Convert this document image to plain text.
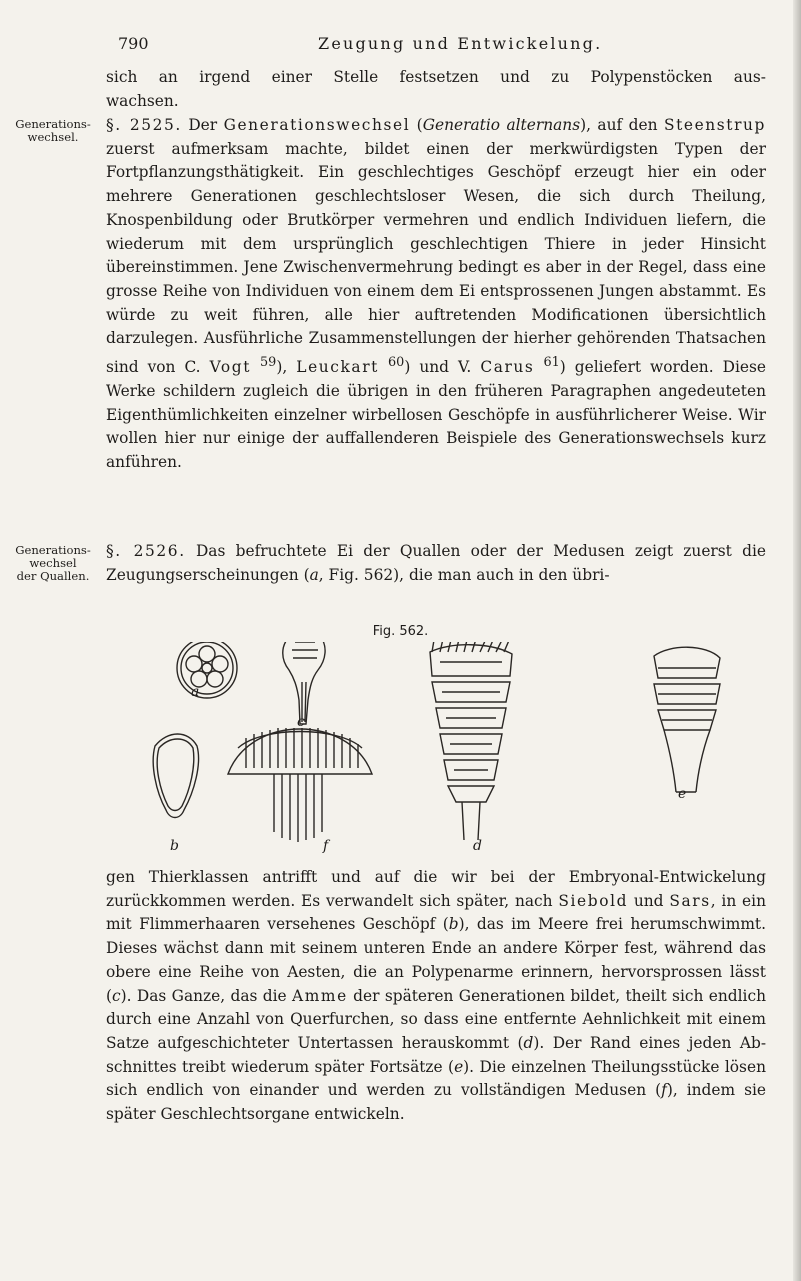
790	Zeugung und Entwickelung.

sich an irgend einer Stelle festsetzen und zu Polypenstöcken aus-

wachsen.

Generations-
wechsel.

§. 2525. Der Generationswechsel (Generatio alternans), auf den Steenstrup zuerst aufmerksam machte, bildet einen der merkwürdigsten Typen der Fortpflanzungsthätigkeit. Ein geschlechtiges Geschöpf erzeugt hier ein oder mehrere Generationen geschlechtsloser Wesen, die sich durch Theilung, Knospenbildung oder Brutkörper vermehren und endlich Individuen liefern, die wiederum mit dem ursprünglich geschlechtigen Thiere in jeder Hinsicht übereinstimmen. Jene Zwischenvermehrung bedingt es aber in der Regel, dass eine grosse Reihe von Individuen von einem dem Ei entsprossenen Jungen abstammt. Es würde zu weit führen, alle hier auftretenden Modificationen übersichtlich darzulegen. Ausführliche Zusammenstellungen der hierher gehörenden Thatsachen sind von C. Vogt $^{59}$), Leuckart $^{60}$) und V. Carus $^{61}$) geliefert worden. Diese Werke schildern zugleich die übrigen in den früheren Paragraphen angedeuteten Eigenthümlichkeiten einzelner wirbellosen Geschöpfe in ausführlicherer Weise. Wir wollen hier nur einige der auffallenderen Beispiele des Generationswechsels kurz anführen.

Generations-
wechsel
der Quallen.

§. 2526. Das befruchtete Ei der Quallen oder der Medusen zeigt zuerst die Zeugungserscheinungen (a, Fig. 562), die man auch in den übri-

Fig. 562.
a
c
b	f	d
e

gen Thierklassen antrifft und auf die wir bei der Embryonal-Entwickelung zurückkommen werden. Es verwandelt sich später, nach Siebold und Sars, in ein mit Flimmerhaaren versehenes Geschöpf (b), das im Meere frei herumschwimmt. Dieses wächst dann mit seinem unteren Ende an andere Körper fest, während das obere eine Reihe von Aesten, die an Polypenarme erinnern, hervorsprossen lässt (c). Das Ganze, das die Amme der späteren Generationen bildet, theilt sich endlich durch eine Anzahl von Querfurchen, so dass eine entfernte Aehnlichkeit mit einem Satze aufgeschichteter Untertassen herauskommt (d). Der Rand eines jeden Abschnittes treibt wiederum später Fortsätze (e). Die einzelnen Theilungsstücke lösen sich endlich von einander und werden zu vollständigen Medusen (f), indem sie später Geschlechtsorgane entwickeln.
